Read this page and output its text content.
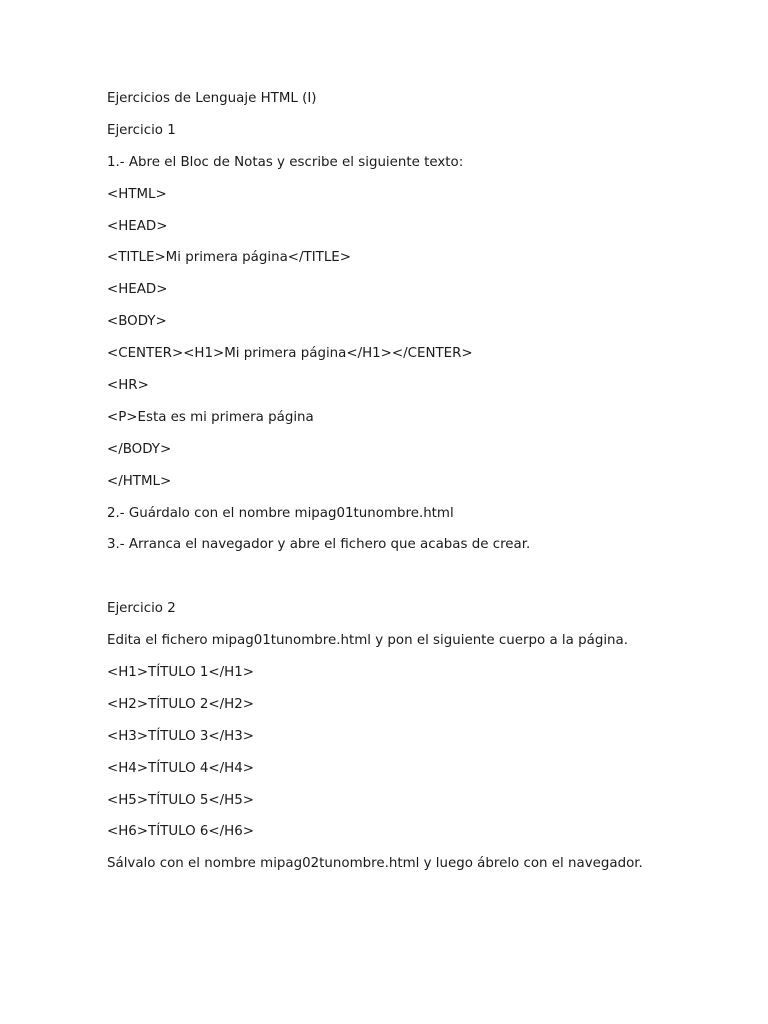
Ejercicios de Lenguaje HTML (I)
Ejercicio 1
1.- Abre el Bloc de Notas y escribe el siguiente texto:
<HTML>
<HEAD>
<TITLE>Mi primera página</TITLE>
<HEAD>
<BODY>
<CENTER><H1>Mi primera página</H1></CENTER>
<HR>
<P>Esta es mi primera página
</BODY>
</HTML>
2.- Guárdalo con el nombre mipag01tunombre.html
3.- Arranca el navegador y abre el fichero que acabas de crear.
Ejercicio 2
Edita el fichero mipag01tunombre.html y pon el siguiente cuerpo a la página.
<H1>TÍTULO 1</H1>
<H2>TÍTULO 2</H2>
<H3>TÍTULO 3</H3>
<H4>TÍTULO 4</H4>
<H5>TÍTULO 5</H5>
<H6>TÍTULO 6</H6>
Sálvalo con el nombre mipag02tunombre.html y luego ábrelo con el navegador.
